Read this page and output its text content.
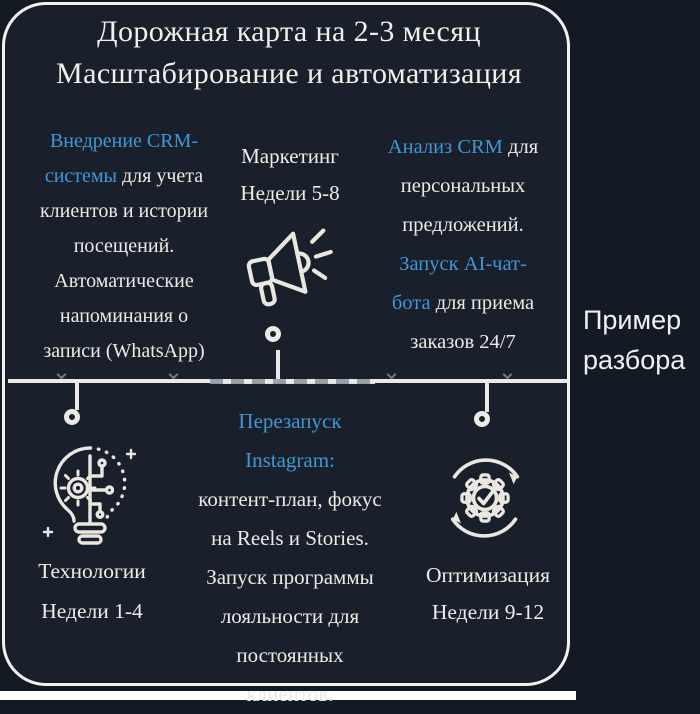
Дорожная карта на 2-3 месяц
Масштабирование и автоматизация
Внедрение CRM-
системы для учета
клиентов и истории
посещений.
Автоматические
напоминания о
записи (WhatsApp)
Маркетинг
Недели 5-8
Анализ CRM для
персональных
предложений.
Запуск AI-чат-
бота для приема
заказов 24/7
Пример
разбора
Перезапуск
Instagram:
контент-план, фокус
на Reels и Stories.
Запуск программы
лояльности для
постоянных
клиентов.
Технологии
Недели 1-4
Оптимизация
Недели 9-12
